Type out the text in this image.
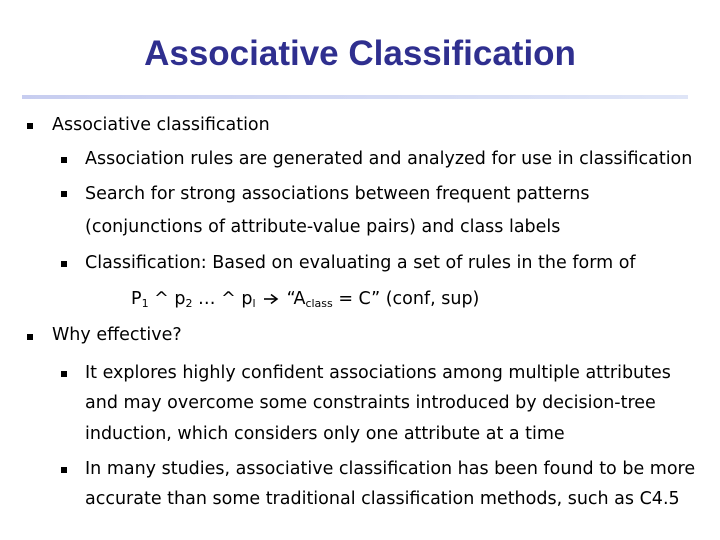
Associative Classification
Associative classification
Association rules are generated and analyzed for use in classification
Search for strong associations between frequent patterns
(conjunctions of attribute-value pairs) and class labels
Classification: Based on evaluating a set of rules in the form of
$P_1$ ^ $p_2$ … ^ $p_l$  “$A_{class} = C$” (conf, sup)
Why effective?
It explores highly confident associations among multiple attributes
and may overcome some constraints introduced by decision-tree
induction, which considers only one attribute at a time
In many studies, associative classification has been found to be more
accurate than some traditional classification methods, such as C4.5
